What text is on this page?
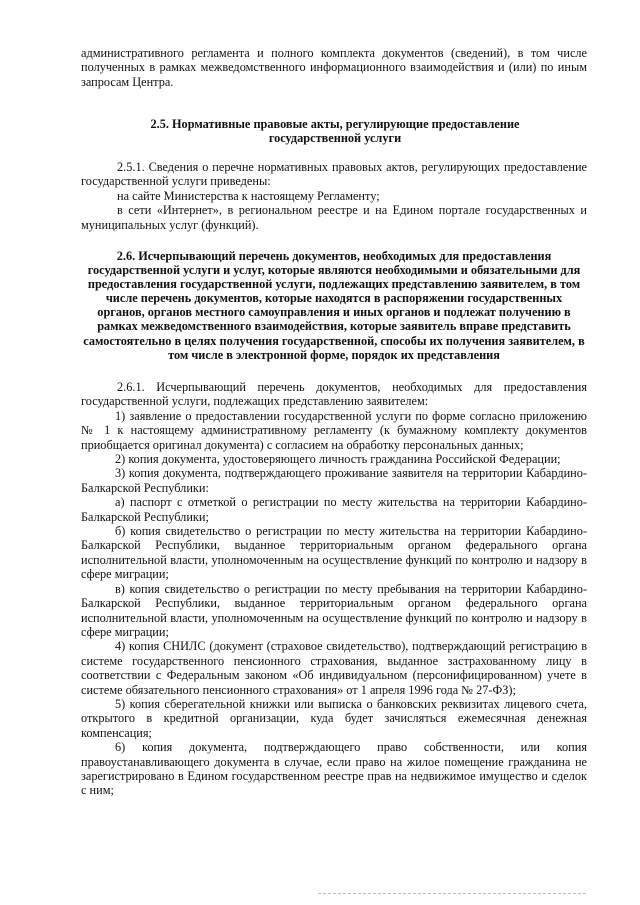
административного регламента и полного комплекта документов (сведений), в том числе полученных в рамках межведомственного информационного взаимодействия и (или) по иным запросам Центра.

2.5. Нормативные правовые акты, регулирующие предоставление государственной услуги

2.5.1. Сведения о перечне нормативных правовых актов, регулирующих предоставление государственной услуги приведены:

на сайте Министерства к настоящему Регламенту;

в сети «Интернет», в региональном реестре и на Едином портале государственных и муниципальных услуг (функций).

2.6. Исчерпывающий перечень документов, необходимых для предоставления государственной услуги и услуг, которые являются необходимыми и обязательными для предоставления государственной услуги, подлежащих представлению заявителем, в том числе перечень документов, которые находятся в распоряжении государственных органов, органов местного самоуправления и иных органов и подлежат получению в рамках межведомственного взаимодействия, которые заявитель вправе представить самостоятельно в целях получения государственной, способы их получения заявителем, в том числе в электронной форме, порядок их представления

2.6.1. Исчерпывающий перечень документов, необходимых для предоставления государственной услуги, подлежащих представлению заявителем:

1) заявление о предоставлении государственной услуги по форме согласно приложению № 1 к настоящему административному регламенту (к бумажному комплекту документов приобщается оригинал документа) с согласием на обработку персональных данных;

2) копия документа, удостоверяющего личность гражданина Российской Федерации;

3) копия документа, подтверждающего проживание заявителя на территории Кабардино-Балкарской Республики:

а) паспорт с отметкой о регистрации по месту жительства на территории Кабардино-Балкарской Республики;

б) копия свидетельство о регистрации по месту жительства на территории Кабардино-Балкарской Республики, выданное территориальным органом федерального органа исполнительной власти, уполномоченным на осуществление функций по контролю и надзору в сфере миграции;

в) копия свидетельство о регистрации по месту пребывания на территории Кабардино-Балкарской Республики, выданное территориальным органом федерального органа исполнительной власти, уполномоченным на осуществление функций по контролю и надзору в сфере миграции;

4) копия СНИЛС (документ (страховое свидетельство), подтверждающий регистрацию в системе государственного пенсионного страхования, выданное застрахованному лицу в соответствии с Федеральным законом «Об индивидуальном (персонифицированном) учете в системе обязательного пенсионного страхования» от 1 апреля 1996 года № 27-ФЗ);

5) копия сберегательной книжки или выписка о банковских реквизитах лицевого счета, открытого в кредитной организации, куда будет зачисляться ежемесячная денежная компенсация;

6) копия документа, подтверждающего право собственности, или копия правоустанавливающего документа в случае, если право на жилое помещение гражданина не зарегистрировано в Едином государственном реестре прав на недвижимое имущество и сделок с ним;
